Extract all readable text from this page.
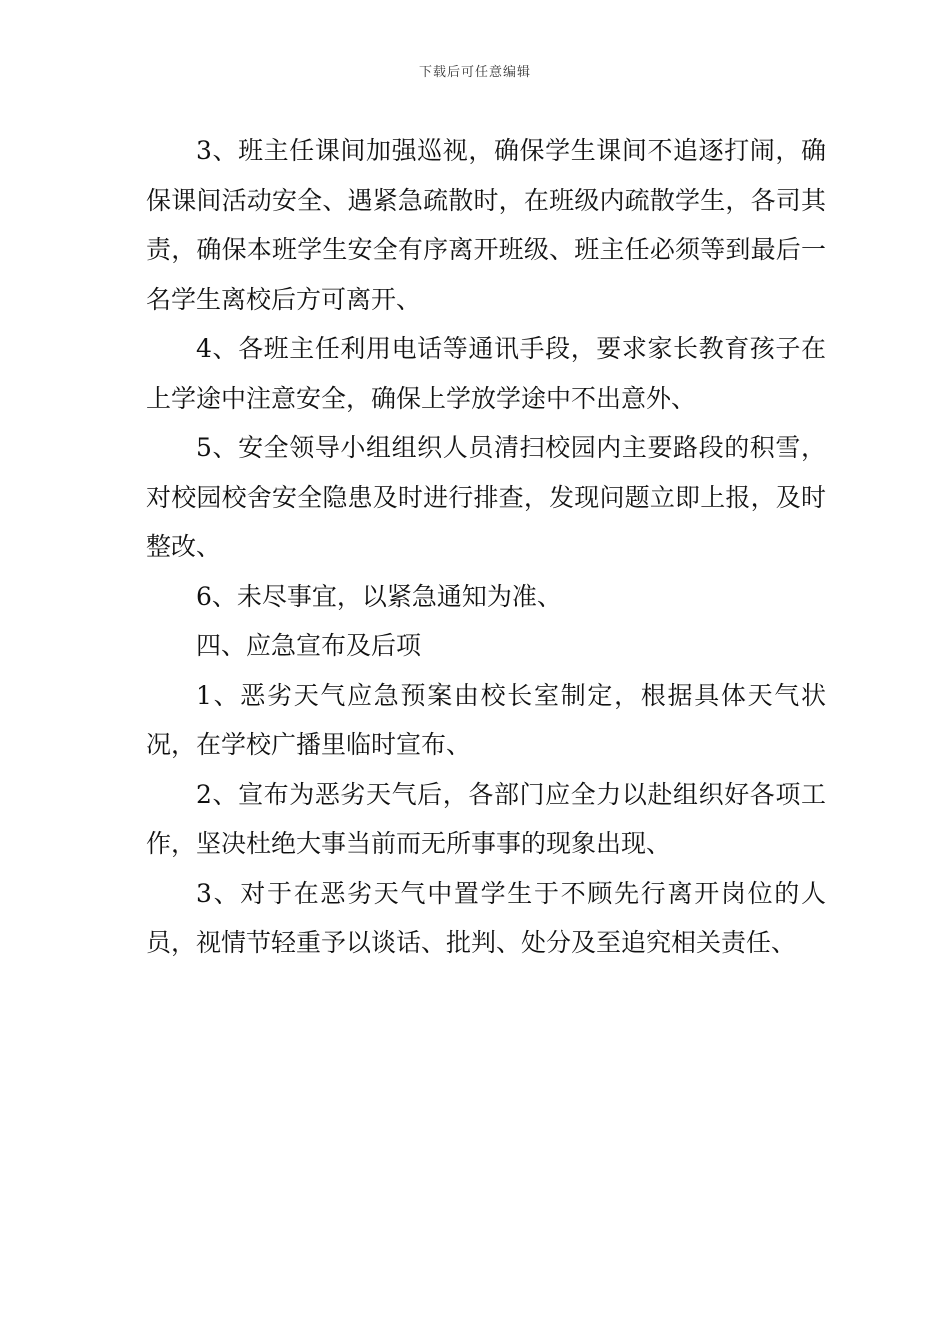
下载后可任意编辑

3、班主任课间加强巡视，确保学生课间不追逐打闹，确保课间活动安全、遇紧急疏散时，在班级内疏散学生，各司其责，确保本班学生安全有序离开班级、班主任必须等到最后一名学生离校后方可离开、

4、各班主任利用电话等通讯手段，要求家长教育孩子在上学途中注意安全，确保上学放学途中不出意外、

5、安全领导小组组织人员清扫校园内主要路段的积雪，对校园校舍安全隐患及时进行排查，发现问题立即上报，及时整改、

6、未尽事宜，以紧急通知为准、

四、应急宣布及后项

1、恶劣天气应急预案由校长室制定，根据具体天气状况，在学校广播里临时宣布、

2、宣布为恶劣天气后，各部门应全力以赴组织好各项工作，坚决杜绝大事当前而无所事事的现象出现、

3、对于在恶劣天气中置学生于不顾先行离开岗位的人员，视情节轻重予以谈话、批判、处分及至追究相关责任、
